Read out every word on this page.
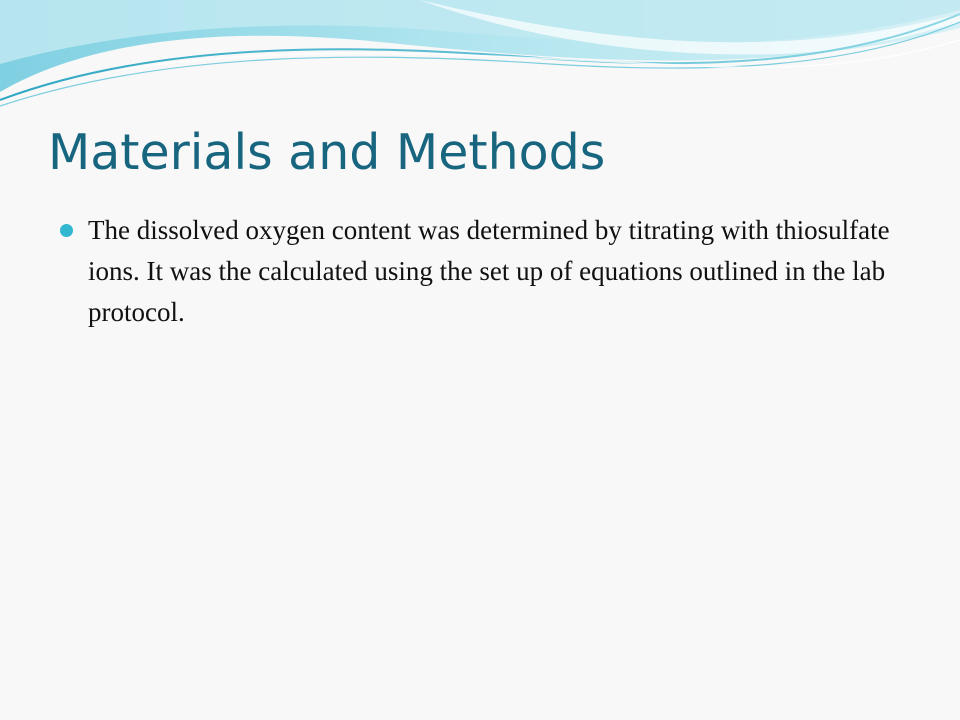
Materials and Methods
The dissolved oxygen content was determined by titrating with thiosulfate ions. It was the calculated using the set up of equations outlined in the lab protocol.
